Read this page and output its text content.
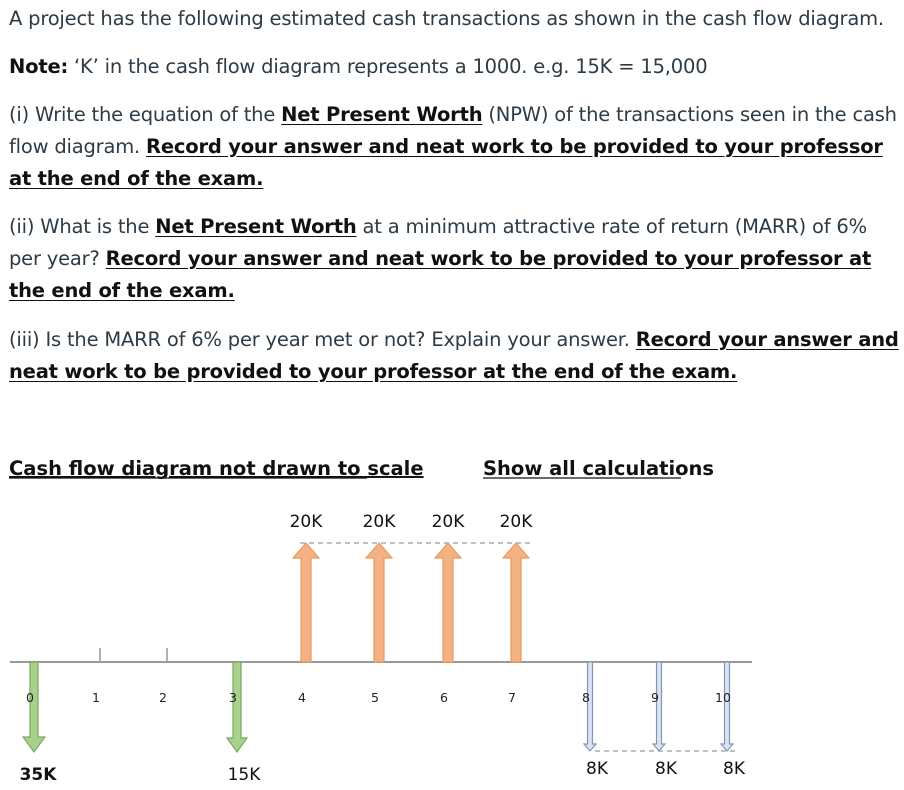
A project has the following estimated cash transactions as shown in the cash flow diagram.

Note: ‘K’ in the cash flow diagram represents a 1000. e.g. 15K = 15,000

(i) Write the equation of the Net Present Worth (NPW) of the transactions seen in the cash flow diagram. Record your answer and neat work to be provided to your professor at the end of the exam.

(ii) What is the Net Present Worth at a minimum attractive rate of return (MARR) of 6% per year? Record your answer and neat work to be provided to your professor at the end of the exam.

(iii) Is the MARR of 6% per year met or not? Explain your answer. Record your answer and neat work to be provided to your professor at the end of the exam.

Cash flow diagram not drawn to scale	Show all calculations
0	1	2	3	4	5	6	7	8	9	10
20K 20K 20K 20K
35K	15K	8K	8K	8K
